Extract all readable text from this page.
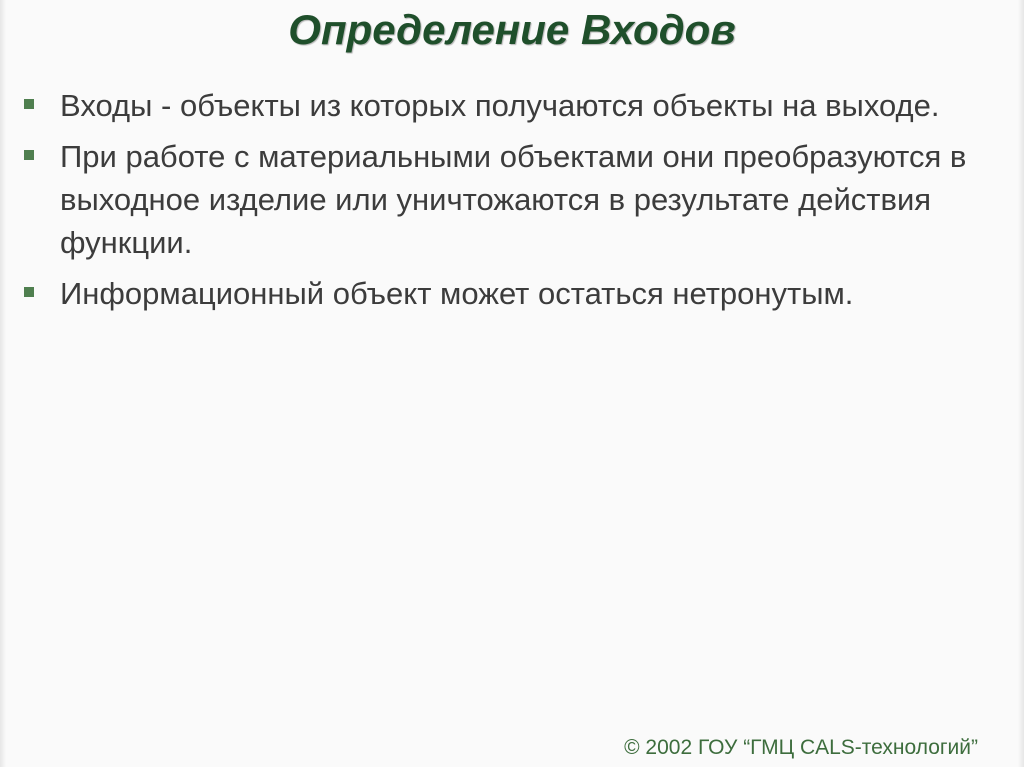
Определение Входов
Входы - объекты из которых получаются объекты на выходе.
При работе с материальными объектами они преобразуются в выходное изделие или уничтожаются в результате действия функции.
Информационный объект может остаться нетронутым.
© 2002 ГОУ “ГМЦ CALS-технологий”
